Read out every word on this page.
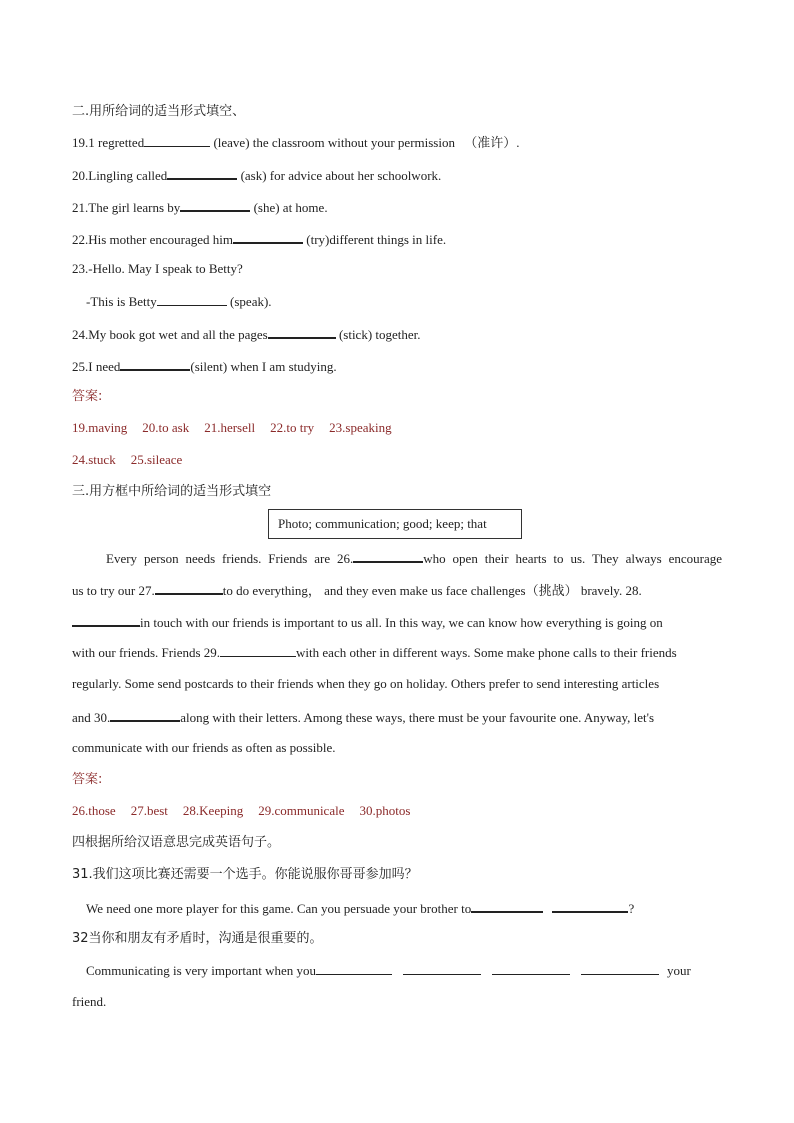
二.用所给词的适当形式填空、
19.1 regretted	(leave) the classroom without your permission （准许）.
20.Lingling called	(ask) for advice about her schoolwork.
21.The girl learns by	(she) at home.
22.His mother encouraged him	(try)different things in life.
23.-Hello. May I speak to Betty?
-This is Betty	(speak).
24.My book got wet and all the pages	(stick) together.
25.I need	(silent) when I am studying.
答案:
19.maving 20.to ask 21.hersell 22.to try 23.speaking
24.stuck 25.sileace
三.用方框中所给词的适当形式填空
Photo; communication; good; keep; that
Every person needs friends. Friends are 26.	who open their hearts to us. They always encourage
us to try our 27.	to do everything， and they even make us face challenges（挑战） bravely. 28.
in touch with our friends is important to us all. In this way, we can know how everything is going on
with our friends. Friends 29.	with each other in different ways. Some make phone calls to their friends
regularly. Some send postcards to their friends when they go on holiday. Others prefer to send interesting articles
and 30.	along with their letters. Among these ways, there must be your favourite one. Anyway, let's
communicate with our friends as often as possible.
答案:
26.those 27.best 28.Keeping 29.communicale 30.photos
四根据所给汉语意思完成英语句子。
31.我们这项比赛还需要一个选手。你能说服你哥哥参加吗？
We need one more player for this game. Can you persuade your brother to	?
32当你和朋友有矛盾时，沟通是很重要的。
Communicating is very important when you	your
friend.
